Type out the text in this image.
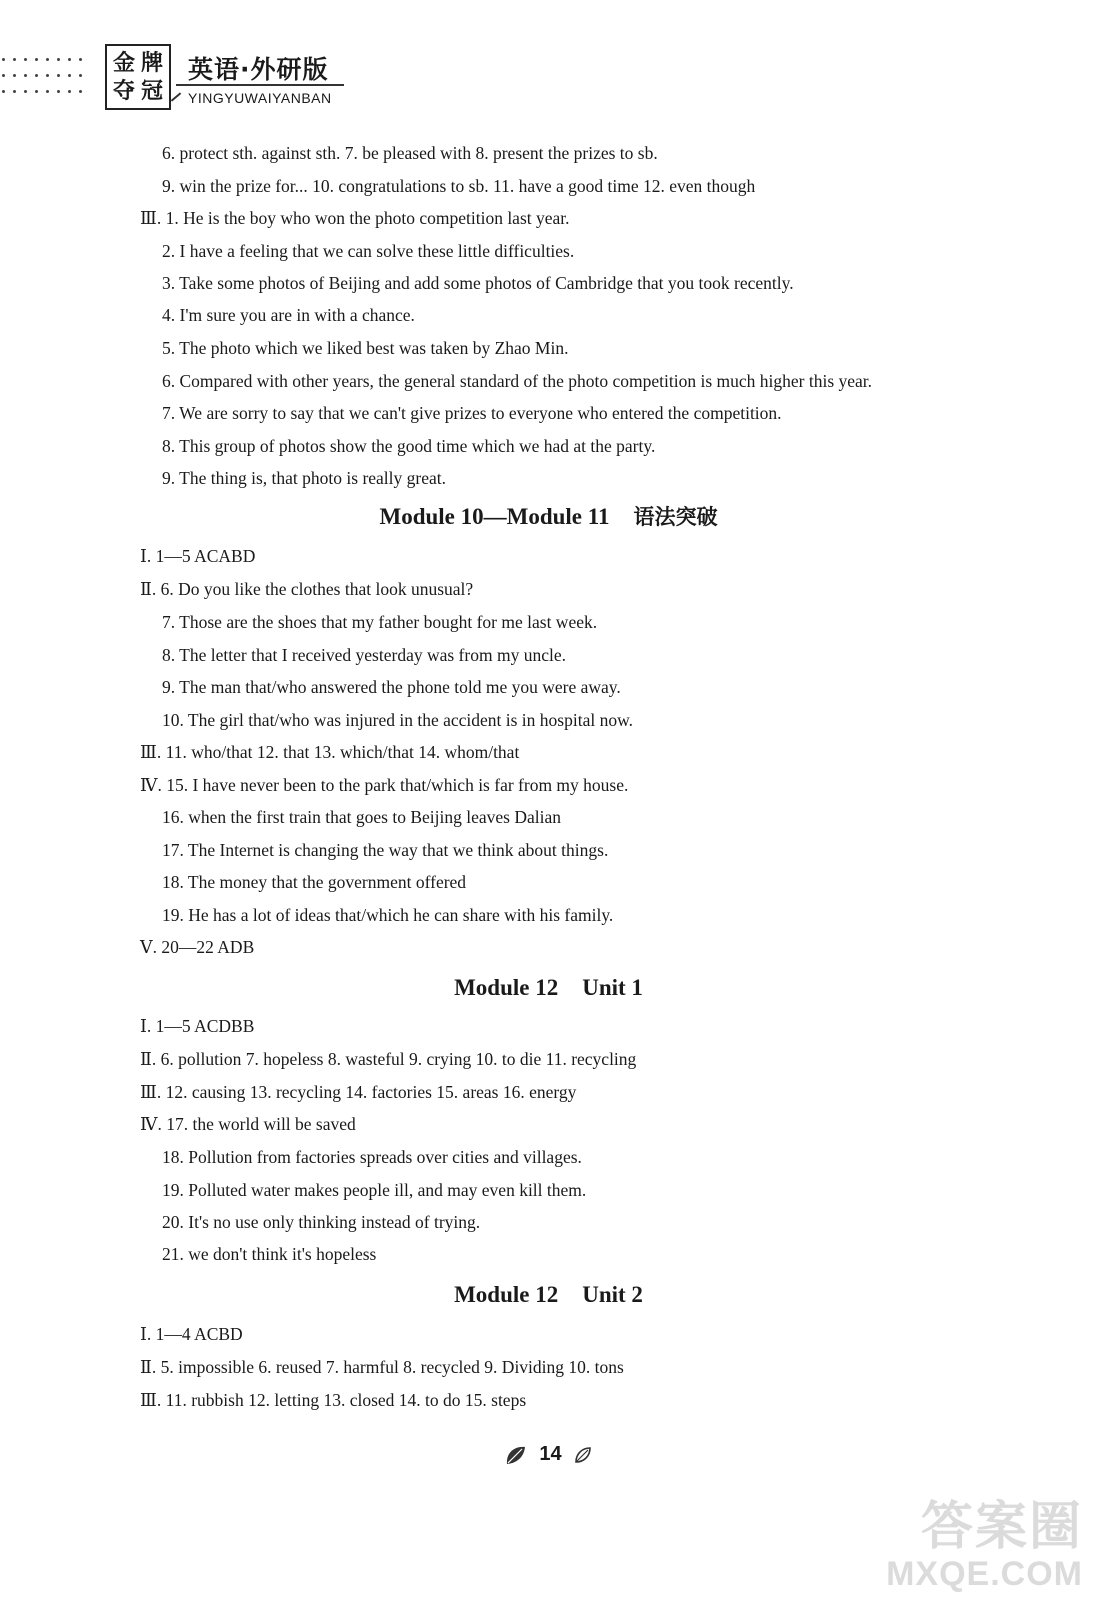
金 牌
夺 冠
英语·外研版
YINGYUWAIYANBAN
6. protect sth. against sth. 7. be pleased with 8. present the prizes to sb.
9. win the prize for... 10. congratulations to sb. 11. have a good time 12. even though
Ⅲ. 1. He is the boy who won the photo competition last year.
2. I have a feeling that we can solve these little difficulties.
3. Take some photos of Beijing and add some photos of Cambridge that you took recently.
4. I'm sure you are in with a chance.
5. The photo which we liked best was taken by Zhao Min.
6. Compared with other years, the general standard of the photo competition is much higher this year.
7. We are sorry to say that we can't give prizes to everyone who entered the competition.
8. This group of photos show the good time which we had at the party.
9. The thing is, that photo is really great.
Module 10—Module 11 语法突破
Ⅰ. 1—5 ACABD
Ⅱ. 6. Do you like the clothes that look unusual?
7. Those are the shoes that my father bought for me last week.
8. The letter that I received yesterday was from my uncle.
9. The man that/who answered the phone told me you were away.
10. The girl that/who was injured in the accident is in hospital now.
Ⅲ. 11. who/that 12. that 13. which/that 14. whom/that
Ⅳ. 15. I have never been to the park that/which is far from my house.
16. when the first train that goes to Beijing leaves Dalian
17. The Internet is changing the way that we think about things.
18. The money that the government offered
19. He has a lot of ideas that/which he can share with his family.
Ⅴ. 20—22 ADB
Module 12 Unit 1
Ⅰ. 1—5 ACDBB
Ⅱ. 6. pollution 7. hopeless 8. wasteful 9. crying 10. to die 11. recycling
Ⅲ. 12. causing 13. recycling 14. factories 15. areas 16. energy
Ⅳ. 17. the world will be saved
18. Pollution from factories spreads over cities and villages.
19. Polluted water makes people ill, and may even kill them.
20. It's no use only thinking instead of trying.
21. we don't think it's hopeless
Module 12 Unit 2
Ⅰ. 1—4 ACBD
Ⅱ. 5. impossible 6. reused 7. harmful 8. recycled 9. Dividing 10. tons
Ⅲ. 11. rubbish 12. letting 13. closed 14. to do 15. steps
14
答案圈
MXQE.COM
